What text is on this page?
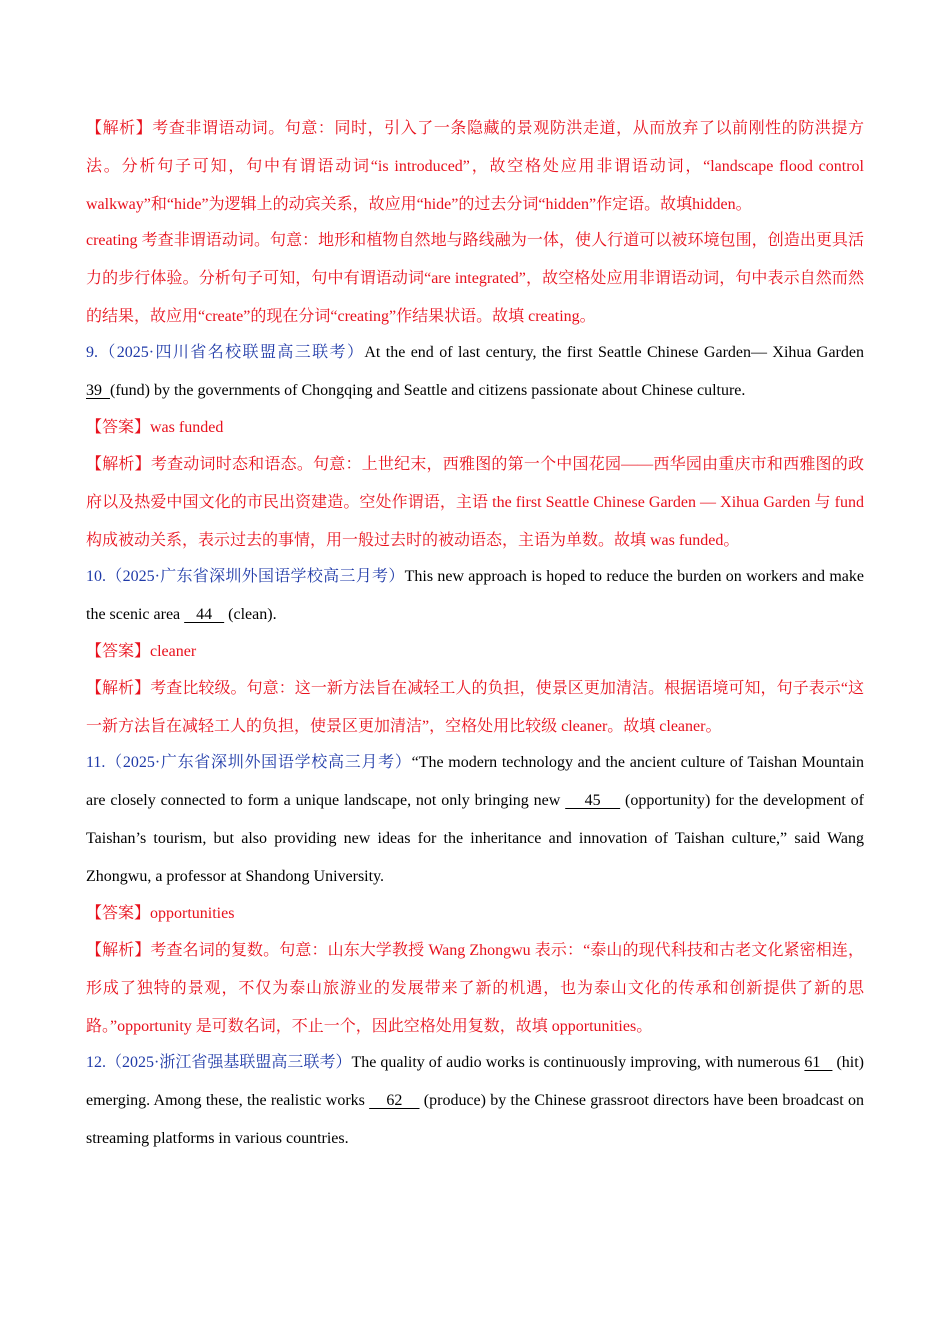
【解析】考查非谓语动词。句意：同时，引入了一条隐藏的景观防洪走道，从而放弃了以前刚性的防洪提方法。分析句子可知，句中有谓语动词“is introduced”，故空格处应用非谓语动词，“landscape flood control walkway”和“hide”为逻辑上的动宾关系，故应用“hide”的过去分词“hidden”作定语。故填hidden。

creating 考查非谓语动词。句意：地形和植物自然地与路线融为一体，使人行道可以被环境包围，创造出更具活力的步行体验。分析句子可知，句中有谓语动词“are integrated”，故空格处应用非谓语动词，句中表示自然而然的结果，故应用“create”的现在分词“creating”作结果状语。故填 creating。

9.（2025·四川省名校联盟高三联考）At the end of last century, the first Seattle Chinese Garden— Xihua Garden 39  (fund) by the governments of Chongqing and Seattle and citizens passionate about Chinese culture.

【答案】was funded

【解析】考查动词时态和语态。句意：上世纪末，西雅图的第一个中国花园——西华园由重庆市和西雅图的政府以及热爱中国文化的市民出资建造。空处作谓语，主语 the first Seattle Chinese Garden — Xihua Garden 与 fund 构成被动关系，表示过去的事情，用一般过去时的被动语态，主语为单数。故填 was funded。

10.（2025·广东省深圳外国语学校高三月考）This new approach is hoped to reduce the burden on workers and make the scenic area    44    (clean).

【答案】cleaner

【解析】考查比较级。句意：这一新方法旨在减轻工人的负担，使景区更加清洁。根据语境可知，句子表示“这一新方法旨在减轻工人的负担，使景区更加清洁”，空格处用比较级 cleaner。故填 cleaner。

11.（2025·广东省深圳外国语学校高三月考）“The modern technology and the ancient culture of Taishan Mountain are closely connected to form a unique landscape, not only bringing new     45     (opportunity) for the development of Taishan’s tourism, but also providing new ideas for the inheritance and innovation of Taishan culture,” said Wang Zhongwu, a professor at Shandong University.

【答案】opportunities

【解析】考查名词的复数。句意：山东大学教授 Wang Zhongwu 表示：“泰山的现代科技和古老文化紧密相连，形成了独特的景观，不仅为泰山旅游业的发展带来了新的机遇，也为泰山文化的传承和创新提供了新的思路。”opportunity 是可数名词，不止一个，因此空格处用复数，故填 opportunities。

12.（2025·浙江省强基联盟高三联考）The quality of audio works is continuously improving, with numerous 61    (hit) emerging. Among these, the realistic works     62     (produce) by the Chinese grassroot directors have been broadcast on streaming platforms in various countries.
